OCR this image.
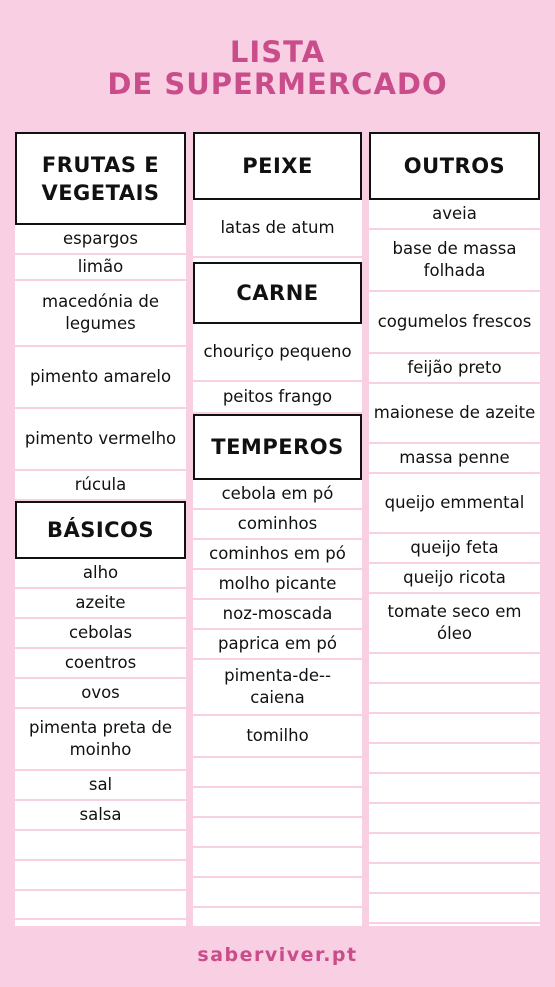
LISTA
DE SUPERMERCADO
FRUTAS E VEGETAIS
espargos
limão
macedónia de legumes
pimento amarelo
pimento vermelho
rúcula
BÁSICOS
alho
azeite
cebolas
coentros
ovos
pimenta preta de moinho
sal
salsa
PEIXE
latas de atum
CARNE
chouriço pequeno
peitos frango
TEMPEROS
cebola em pó
cominhos
cominhos em pó
molho picante
noz-moscada
paprica em pó
pimenta-de--caiena
tomilho
OUTROS
aveia
base de massa folhada
cogumelos frescos
feijão preto
maionese de azeite
massa penne
queijo emmental
queijo feta
queijo ricota
tomate seco em óleo
saberviver.pt
